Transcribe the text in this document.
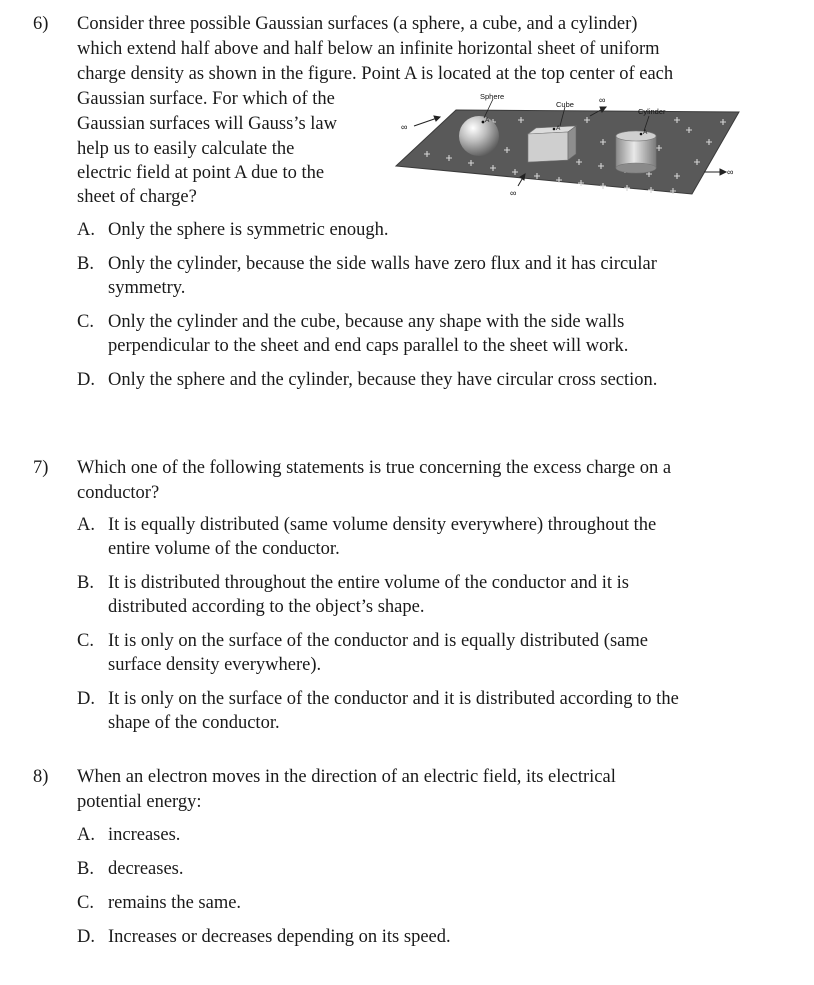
6) Consider three possible Gaussian surfaces (a sphere, a cube, and a cylinder)
which extend half above and half below an infinite horizontal sheet of uniform
charge density as shown in the figure. Point A is located at the top center of each
Gaussian surface. For which of the
Gaussian surfaces will Gauss’s law
help us to easily calculate the
electric field at point A due to the
sheet of charge?
A
Sphere
A
Cube
A
Cylinder
∞
∞
∞
∞
A. Only the sphere is symmetric enough.
B. Only the cylinder, because the side walls have zero flux and it has circular
symmetry.
C. Only the cylinder and the cube, because any shape with the side walls
perpendicular to the sheet and end caps parallel to the sheet will work.
D. Only the sphere and the cylinder, because they have circular cross section.
7) Which one of the following statements is true concerning the excess charge on a
conductor?
A. It is equally distributed (same volume density everywhere) throughout the
entire volume of the conductor.
B. It is distributed throughout the entire volume of the conductor and it is
distributed according to the object’s shape.
C. It is only on the surface of the conductor and is equally distributed (same
surface density everywhere).
D. It is only on the surface of the conductor and it is distributed according to the
shape of the conductor.
8) When an electron moves in the direction of an electric field, its electrical
potential energy:
A. increases.
B. decreases.
C. remains the same.
D. Increases or decreases depending on its speed.
